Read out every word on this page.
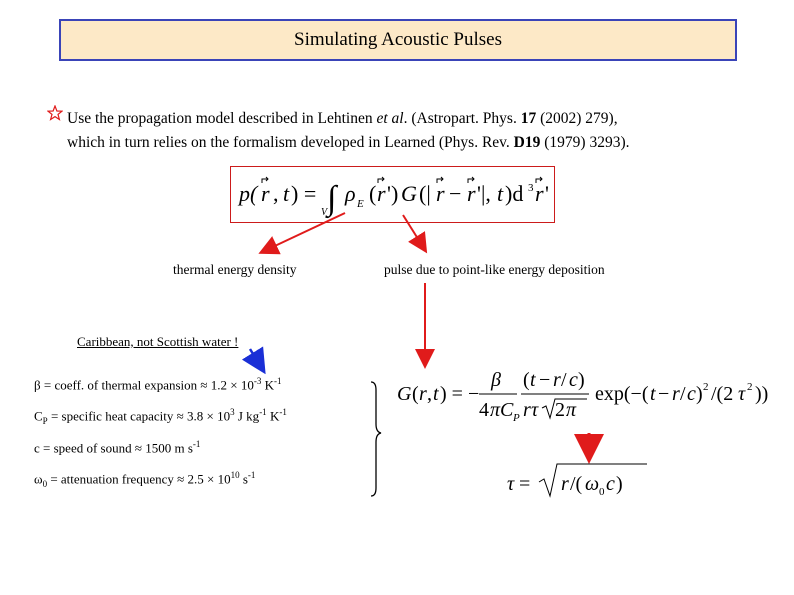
Simulating Acoustic Pulses
Use the propagation model described in Lehtinen et al. (Astropart. Phys. 17 (2002) 279),
which in turn relies on the formalism developed in Learned (Phys. Rev. D19 (1979) 3293).
p( r , t ) = ∫
V
ρ E ( r ') G (| r − r '|, t )d 3 r '
thermal energy density	pulse due to point-like energy deposition
Caribbean, not Scottish water !
β = coeff. of thermal expansion ≈ $1.2 \times 10^{-3}$ $K^{-1}$
$C_P$ = specific heat capacity ≈ $3.8 \times 10^3$ J $kg^{-1}$ $K^{-1}$
c = speed of sound ≈ 1500 m $s^{-1}$
$\omega_0$ = attenuation frequency ≈ $2.5 \times 10^{10}$ $s^{-1}$
G ( r , t ) = −
β
4 πC P
( t − r / c )
r τ 2 π
exp(−( t − r / c ) 2 /(2 τ 2 ))
τ = r /( ω 0 c )
